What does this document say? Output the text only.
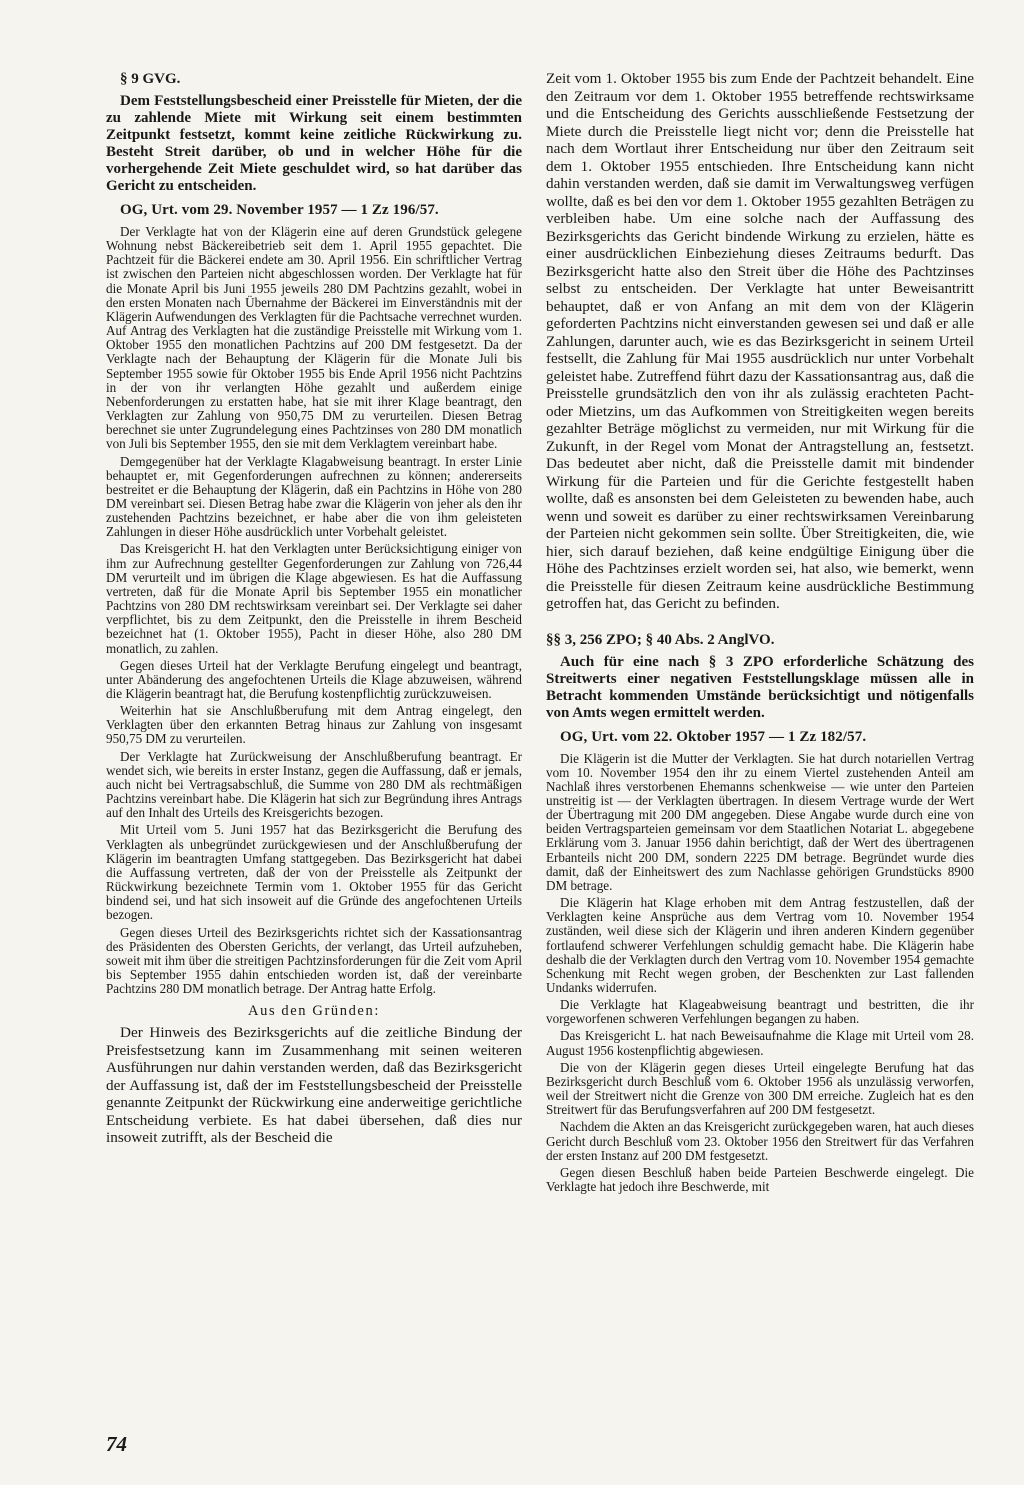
§ 9 GVG.

Dem Feststellungsbescheid einer Preisstelle für Mieten, der die zu zahlende Miete mit Wirkung seit einem bestimmten Zeitpunkt festsetzt, kommt keine zeitliche Rückwirkung zu. Besteht Streit darüber, ob und in welcher Höhe für die vorhergehende Zeit Miete geschuldet wird, so hat darüber das Gericht zu entscheiden.

OG, Urt. vom 29. November 1957 — 1 Zz 196/57.

Der Verklagte hat von der Klägerin eine auf deren Grundstück gelegene Wohnung nebst Bäckereibetrieb seit dem 1. April 1955 gepachtet. Die Pachtzeit für die Bäckerei endete am 30. April 1956. Ein schriftlicher Vertrag ist zwischen den Parteien nicht abgeschlossen worden. Der Verklagte hat für die Monate April bis Juni 1955 jeweils 280 DM Pachtzins gezahlt, wobei in den ersten Monaten nach Übernahme der Bäckerei im Einverständnis mit der Klägerin Aufwendungen des Verklagten für die Pachtsache verrechnet wurden. Auf Antrag des Verklagten hat die zuständige Preisstelle mit Wirkung vom 1. Oktober 1955 den monatlichen Pachtzins auf 200 DM festgesetzt. Da der Verklagte nach der Behauptung der Klägerin für die Monate Juli bis September 1955 sowie für Oktober 1955 bis Ende April 1956 nicht Pachtzins in der von ihr verlangten Höhe gezahlt und außerdem einige Nebenforderungen zu erstatten habe, hat sie mit ihrer Klage beantragt, den Verklagten zur Zahlung von 950,75 DM zu verurteilen. Diesen Betrag berechnet sie unter Zugrundelegung eines Pachtzinses von 280 DM monatlich von Juli bis September 1955, den sie mit dem Verklagtem vereinbart habe.

Demgegenüber hat der Verklagte Klagabweisung beantragt. In erster Linie behauptet er, mit Gegenforderungen aufrechnen zu können; andererseits bestreitet er die Behauptung der Klägerin, daß ein Pachtzins in Höhe von 280 DM vereinbart sei. Diesen Betrag habe zwar die Klägerin von jeher als den ihr zustehenden Pachtzins bezeichnet, er habe aber die von ihm geleisteten Zahlungen in dieser Höhe ausdrücklich unter Vorbehalt geleistet.

Das Kreisgericht H. hat den Verklagten unter Berücksichtigung einiger von ihm zur Aufrechnung gestellter Gegenforderungen zur Zahlung von 726,44 DM verurteilt und im übrigen die Klage abgewiesen. Es hat die Auffassung vertreten, daß für die Monate April bis September 1955 ein monatlicher Pachtzins von 280 DM rechtswirksam vereinbart sei. Der Verklagte sei daher verpflichtet, bis zu dem Zeitpunkt, den die Preisstelle in ihrem Bescheid bezeichnet hat (1. Oktober 1955), Pacht in dieser Höhe, also 280 DM monatlich, zu zahlen.

Gegen dieses Urteil hat der Verklagte Berufung eingelegt und beantragt, unter Abänderung des angefochtenen Urteils die Klage abzuweisen, während die Klägerin beantragt hat, die Berufung kostenpflichtig zurückzuweisen.

Weiterhin hat sie Anschlußberufung mit dem Antrag eingelegt, den Verklagten über den erkannten Betrag hinaus zur Zahlung von insgesamt 950,75 DM zu verurteilen.

Der Verklagte hat Zurückweisung der Anschlußberufung beantragt. Er wendet sich, wie bereits in erster Instanz, gegen die Auffassung, daß er jemals, auch nicht bei Vertragsabschluß, die Summe von 280 DM als rechtmäßigen Pachtzins vereinbart habe. Die Klägerin hat sich zur Begründung ihres Antrags auf den Inhalt des Urteils des Kreisgerichts bezogen.

Mit Urteil vom 5. Juni 1957 hat das Bezirksgericht die Berufung des Verklagten als unbegründet zurückgewiesen und der Anschlußberufung der Klägerin im beantragten Umfang stattgegeben. Das Bezirksgericht hat dabei die Auffassung vertreten, daß der von der Preisstelle als Zeitpunkt der Rückwirkung bezeichnete Termin vom 1. Oktober 1955 für das Gericht bindend sei, und hat sich insoweit auf die Gründe des angefochtenen Urteils bezogen.

Gegen dieses Urteil des Bezirksgerichts richtet sich der Kassationsantrag des Präsidenten des Obersten Gerichts, der verlangt, das Urteil aufzuheben, soweit mit ihm über die streitigen Pachtzinsforderungen für die Zeit vom April bis September 1955 dahin entschieden worden ist, daß der vereinbarte Pachtzins 280 DM monatlich betrage. Der Antrag hatte Erfolg.

Aus den Gründen:

Der Hinweis des Bezirksgerichts auf die zeitliche Bindung der Preisfestsetzung kann im Zusammenhang mit seinen weiteren Ausführungen nur dahin verstanden werden, daß das Bezirksgericht der Auffassung ist, daß der im Feststellungsbescheid der Preisstelle genannte Zeitpunkt der Rückwirkung eine anderweitige gerichtliche Entscheidung verbiete. Es hat dabei übersehen, daß dies nur insoweit zutrifft, als der Bescheid die

Zeit vom 1. Oktober 1955 bis zum Ende der Pachtzeit behandelt. Eine den Zeitraum vor dem 1. Oktober 1955 betreffende rechtswirksame und die Entscheidung des Gerichts ausschließende Festsetzung der Miete durch die Preisstelle liegt nicht vor; denn die Preisstelle hat nach dem Wortlaut ihrer Entscheidung nur über den Zeitraum seit dem 1. Oktober 1955 entschieden. Ihre Entscheidung kann nicht dahin verstanden werden, daß sie damit im Verwaltungsweg verfügen wollte, daß es bei den vor dem 1. Oktober 1955 gezahlten Beträgen zu verbleiben habe. Um eine solche nach der Auffassung des Bezirksgerichts das Gericht bindende Wirkung zu erzielen, hätte es einer ausdrücklichen Einbeziehung dieses Zeitraums bedurft. Das Bezirksgericht hatte also den Streit über die Höhe des Pachtzinses selbst zu entscheiden. Der Verklagte hat unter Beweisantritt behauptet, daß er von Anfang an mit dem von der Klägerin geforderten Pachtzins nicht einverstanden gewesen sei und daß er alle Zahlungen, darunter auch, wie es das Bezirksgericht in seinem Urteil festsellt, die Zahlung für Mai 1955 ausdrücklich nur unter Vorbehalt geleistet habe. Zutreffend führt dazu der Kassationsantrag aus, daß die Preisstelle grundsätzlich den von ihr als zulässig erachteten Pacht- oder Mietzins, um das Aufkommen von Streitigkeiten wegen bereits gezahlter Beträge möglichst zu vermeiden, nur mit Wirkung für die Zukunft, in der Regel vom Monat der Antragstellung an, festsetzt. Das bedeutet aber nicht, daß die Preisstelle damit mit bindender Wirkung für die Parteien und für die Gerichte festgestellt haben wollte, daß es ansonsten bei dem Geleisteten zu bewenden habe, auch wenn und soweit es darüber zu einer rechtswirksamen Vereinbarung der Parteien nicht gekommen sein sollte. Über Streitigkeiten, die, wie hier, sich darauf beziehen, daß keine endgültige Einigung über die Höhe des Pachtzinses erzielt worden sei, hat also, wie bemerkt, wenn die Preisstelle für diesen Zeitraum keine ausdrückliche Bestimmung getroffen hat, das Gericht zu befinden.

§§ 3, 256 ZPO; § 40 Abs. 2 AnglVO.

Auch für eine nach § 3 ZPO erforderliche Schätzung des Streitwerts einer negativen Feststellungsklage müssen alle in Betracht kommenden Umstände berücksichtigt und nötigenfalls von Amts wegen ermittelt werden.

OG, Urt. vom 22. Oktober 1957 — 1 Zz 182/57.

Die Klägerin ist die Mutter der Verklagten. Sie hat durch notariellen Vertrag vom 10. November 1954 den ihr zu einem Viertel zustehenden Anteil am Nachlaß ihres verstorbenen Ehemanns schenkweise — wie unter den Parteien unstreitig ist — der Verklagten übertragen. In diesem Vertrage wurde der Wert der Übertragung mit 200 DM angegeben. Diese Angabe wurde durch eine von beiden Vertragsparteien gemeinsam vor dem Staatlichen Notariat L. abgegebene Erklärung vom 3. Januar 1956 dahin berichtigt, daß der Wert des übertragenen Erbanteils nicht 200 DM, sondern 2225 DM betrage. Begründet wurde dies damit, daß der Einheitswert des zum Nachlasse gehörigen Grundstücks 8900 DM betrage.

Die Klägerin hat Klage erhoben mit dem Antrag festzustellen, daß der Verklagten keine Ansprüche aus dem Vertrag vom 10. November 1954 zuständen, weil diese sich der Klägerin und ihren anderen Kindern gegenüber fortlaufend schwerer Verfehlungen schuldig gemacht habe. Die Klägerin habe deshalb die der Verklagten durch den Vertrag vom 10. November 1954 gemachte Schenkung mit Recht wegen groben, der Beschenkten zur Last fallenden Undanks widerrufen.

Die Verklagte hat Klageabweisung beantragt und bestritten, die ihr vorgeworfenen schweren Verfehlungen begangen zu haben.

Das Kreisgericht L. hat nach Beweisaufnahme die Klage mit Urteil vom 28. August 1956 kostenpflichtig abgewiesen.

Die von der Klägerin gegen dieses Urteil eingelegte Berufung hat das Bezirksgericht durch Beschluß vom 6. Oktober 1956 als unzulässig verworfen, weil der Streitwert nicht die Grenze von 300 DM erreiche. Zugleich hat es den Streitwert für das Berufungsverfahren auf 200 DM festgesetzt.

Nachdem die Akten an das Kreisgericht zurückgegeben waren, hat auch dieses Gericht durch Beschluß vom 23. Oktober 1956 den Streitwert für das Verfahren der ersten Instanz auf 200 DM festgesetzt.

Gegen diesen Beschluß haben beide Parteien Beschwerde eingelegt. Die Verklagte hat jedoch ihre Beschwerde, mit

74
